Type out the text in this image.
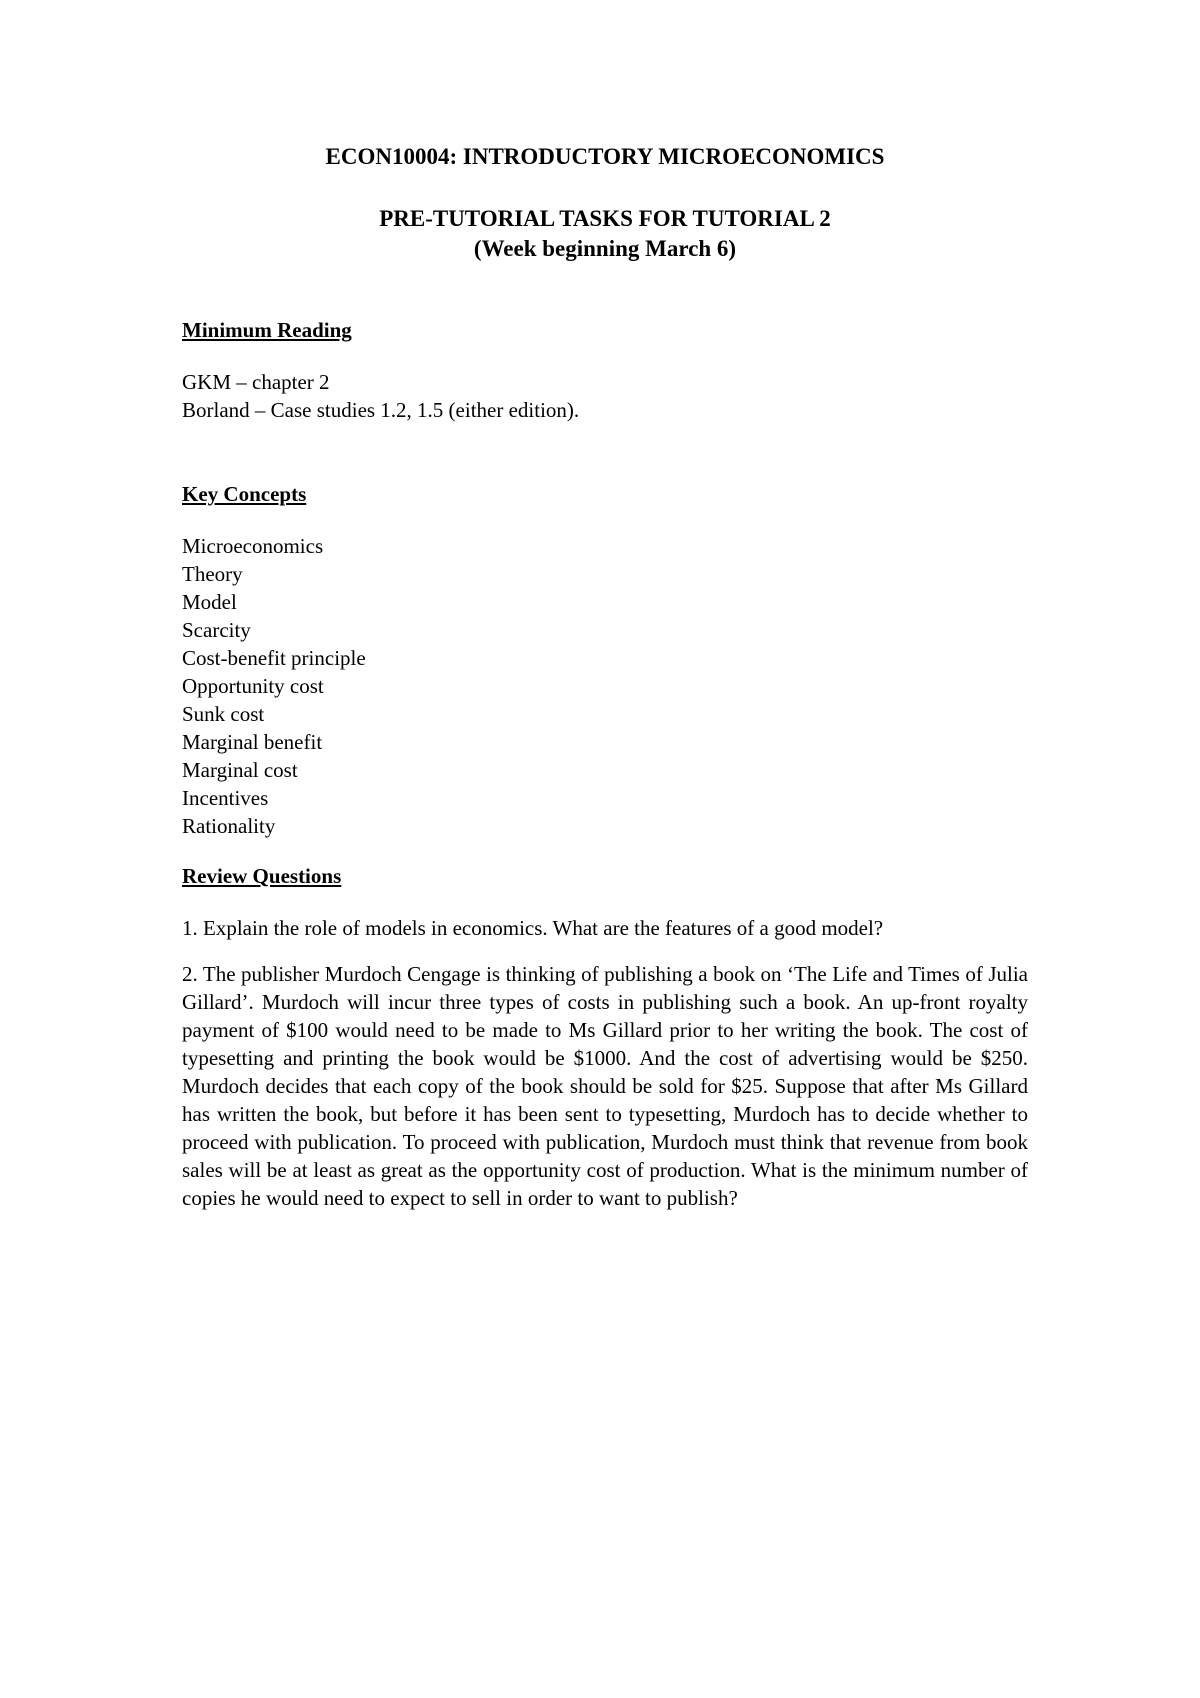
ECON10004: INTRODUCTORY MICROECONOMICS

PRE-TUTORIAL TASKS FOR TUTORIAL 2

(Week beginning March 6)

Minimum Reading

GKM – chapter 2

Borland – Case studies 1.2, 1.5 (either edition).

Key Concepts

Microeconomics
Theory
Model
Scarcity
Cost-benefit principle
Opportunity cost
Sunk cost
Marginal benefit
Marginal cost
Incentives
Rationality

Review Questions

1. Explain the role of models in economics. What are the features of a good model?

2. The publisher Murdoch Cengage is thinking of publishing a book on ‘The Life and Times of Julia Gillard’. Murdoch will incur three types of costs in publishing such a book. An up-front royalty payment of $100 would need to be made to Ms Gillard prior to her writing the book. The cost of typesetting and printing the book would be $1000. And the cost of advertising would be $250. Murdoch decides that each copy of the book should be sold for $25. Suppose that after Ms Gillard has written the book, but before it has been sent to typesetting, Murdoch has to decide whether to proceed with publication. To proceed with publication, Murdoch must think that revenue from book sales will be at least as great as the opportunity cost of production. What is the minimum number of copies he would need to expect to sell in order to want to publish?
